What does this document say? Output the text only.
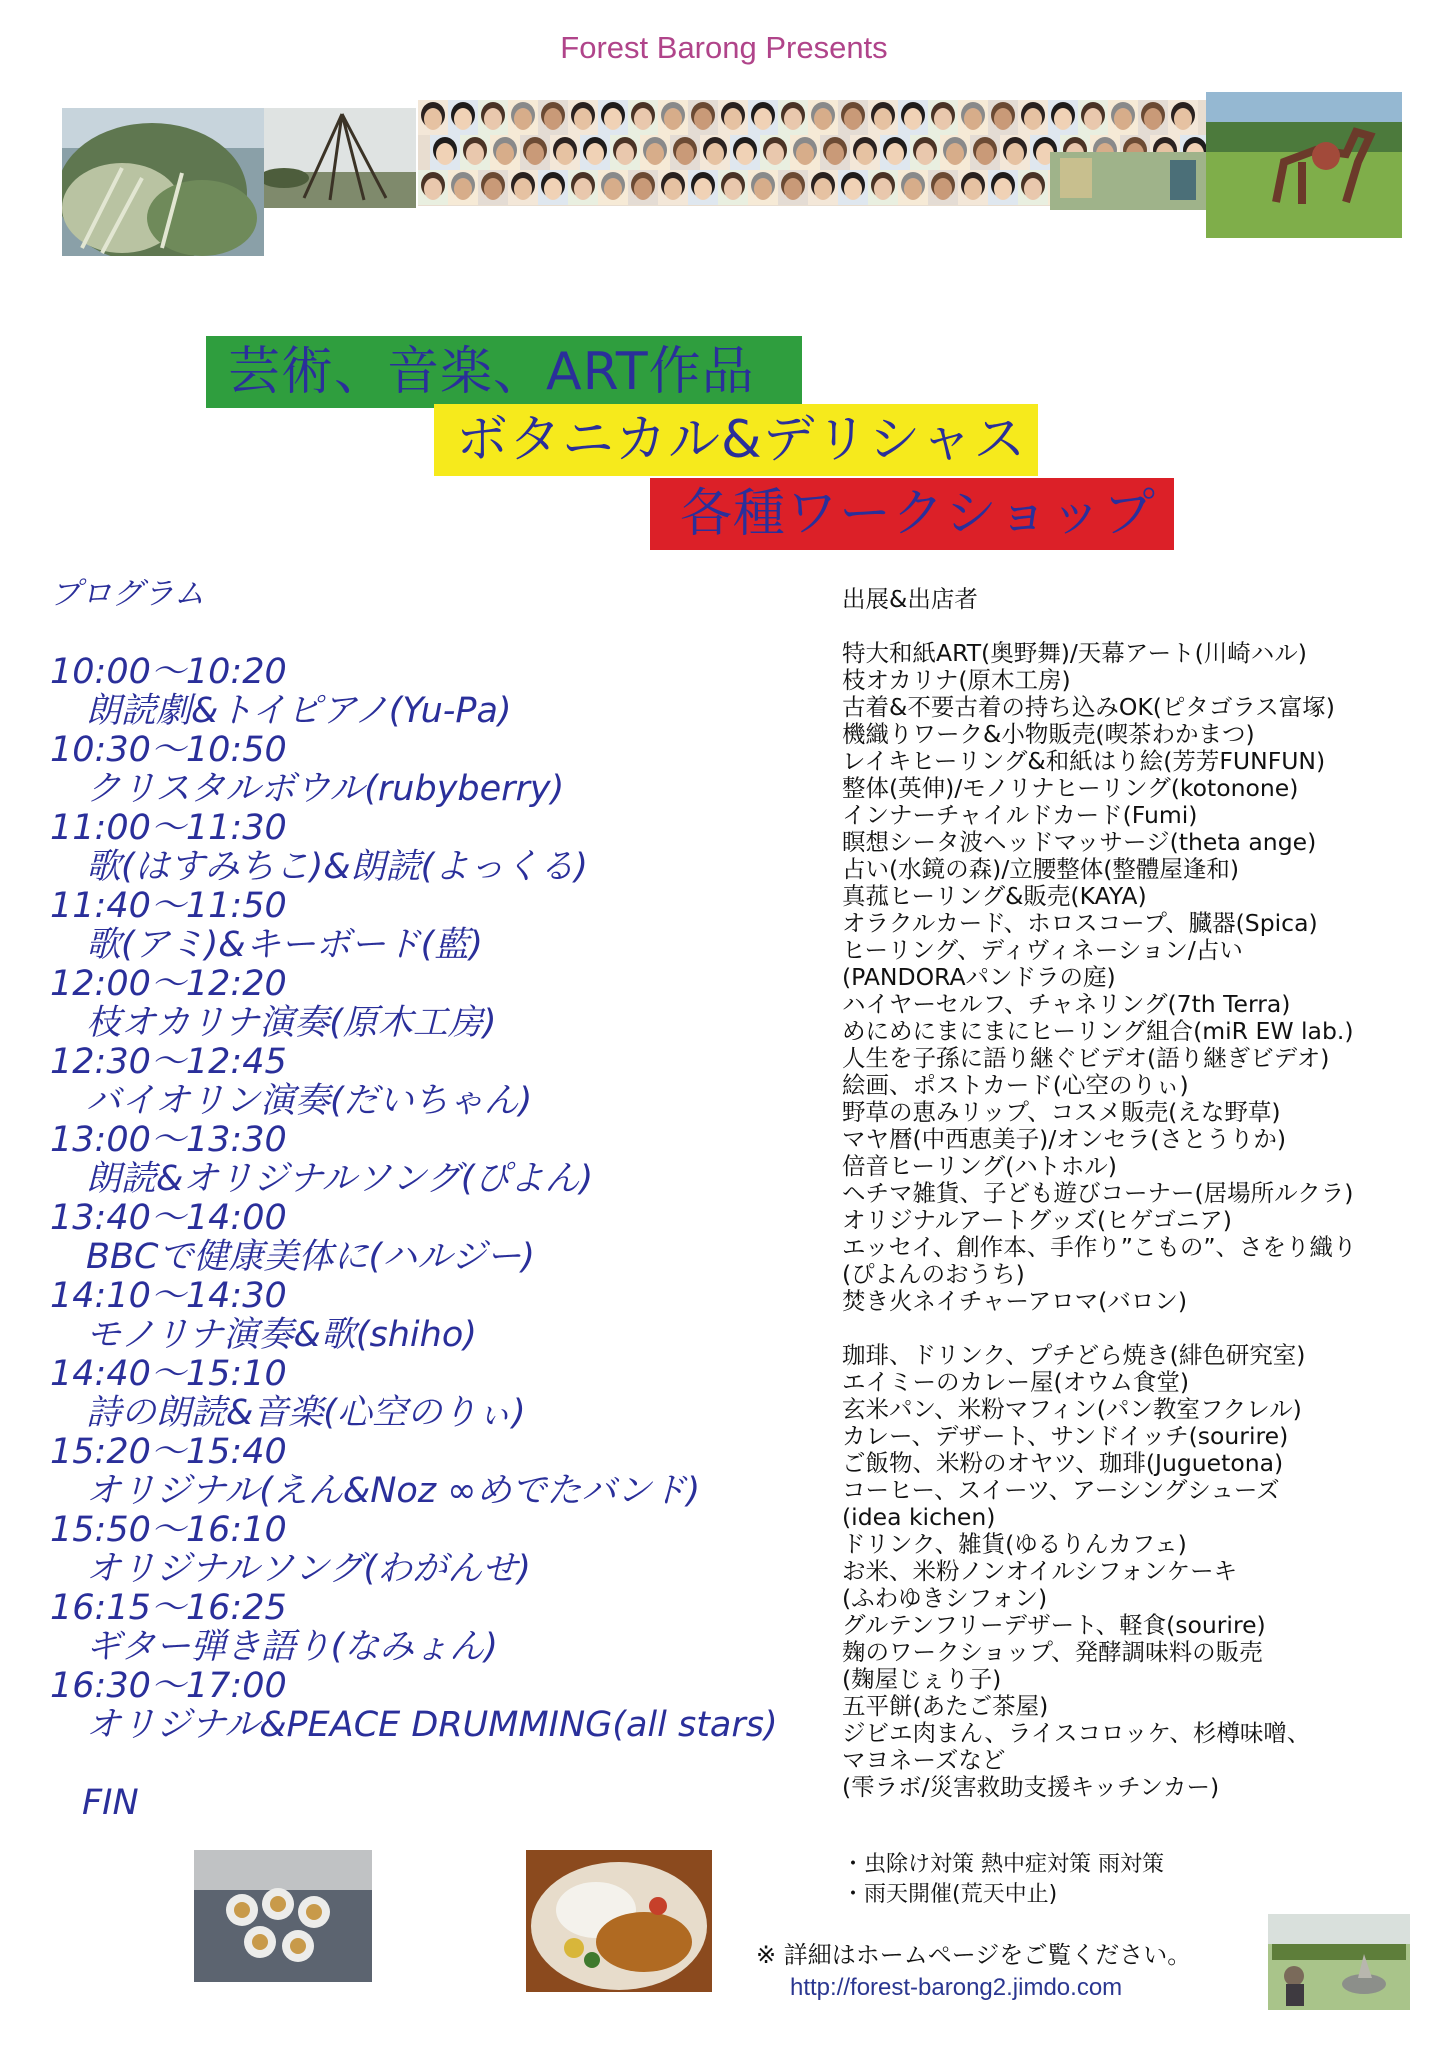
Forest Barong Presents
芸術、音楽、ART作品
ボタニカル&デリシャス
各種ワークショップ
プログラム
10:00〜10:20
朗読劇&トイピアノ(Yu-Pa)
10:30〜10:50
クリスタルボウル(rubyberry)
11:00〜11:30
歌(はすみちこ)&朗読(よっくる)
11:40〜11:50
歌(アミ)&キーボード(藍)
12:00〜12:20
枝オカリナ演奏(原木工房)
12:30〜12:45
バイオリン演奏(だいちゃん)
13:00〜13:30
朗読&オリジナルソング(ぴよん)
13:40〜14:00
BBCで健康美体に(ハルジー)
14:10〜14:30
モノリナ演奏&歌(shiho)
14:40〜15:10
詩の朗読&音楽(心空のりぃ)
15:20〜15:40
オリジナル(えん&Noz ∞めでたバンド)
15:50〜16:10
オリジナルソング(わがんせ)
16:15〜16:25
ギター弾き語り(なみょん)
16:30〜17:00
オリジナル&PEACE DRUMMING(all stars)
FIN
出展&出店者
特大和紙ART(奥野舞)/天幕アート(川崎ハル)
枝オカリナ(原木工房)
古着&不要古着の持ち込みOK(ピタゴラス富塚)
機織りワーク&小物販売(喫茶わかまつ)
レイキヒーリング&和紙はり絵(芳芳FUNFUN)
整体(英伸)/モノリナヒーリング(kotonone)
インナーチャイルドカード(Fumi)
瞑想シータ波ヘッドマッサージ(theta ange)
占い(水鏡の森)/立腰整体(整體屋逢和)
真菰ヒーリング&販売(KAYA)
オラクルカード、ホロスコープ、臓器(Spica)
ヒーリング、ディヴィネーション/占い
(PANDORAパンドラの庭)
ハイヤーセルフ、チャネリング(7th Terra)
めにめにまにまにヒーリング組合(miR EW lab.)
人生を子孫に語り継ぐビデオ(語り継ぎビデオ)
絵画、ポストカード(心空のりぃ)
野草の恵みリップ、コスメ販売(えな野草)
マヤ暦(中西恵美子)/オンセラ(さとうりか)
倍音ヒーリング(ハトホル)
ヘチマ雑貨、子ども遊びコーナー(居場所ルクラ)
オリジナルアートグッズ(ヒゲゴニア)
エッセイ、創作本、手作り”こもの”、さをり織り
(ぴよんのおうち)
焚き火ネイチャーアロマ(バロン)
珈琲、ドリンク、プチどら焼き(緋色研究室)
エイミーのカレー屋(オウム食堂)
玄米パン、米粉マフィン(パン教室フクレル)
カレー、デザート、サンドイッチ(sourire)
ご飯物、米粉のオヤツ、珈琲(Juguetona)
コーヒー、スイーツ、アーシングシューズ
(idea kichen)
ドリンク、雑貨(ゆるりんカフェ)
お米、米粉ノンオイルシフォンケーキ
(ふわゆきシフォン)
グルテンフリーデザート、軽食(sourire)
麹のワークショップ、発酵調味料の販売
(麹屋じぇり子)
五平餅(あたご茶屋)
ジビエ肉まん、ライスコロッケ、杉樽味噌、
マヨネーズなど
(雫ラボ/災害救助支援キッチンカー)
・虫除け対策 熱中症対策 雨対策
・雨天開催(荒天中止)
※ 詳細はホームページをご覧ください。
http://forest-barong2.jimdo.com
